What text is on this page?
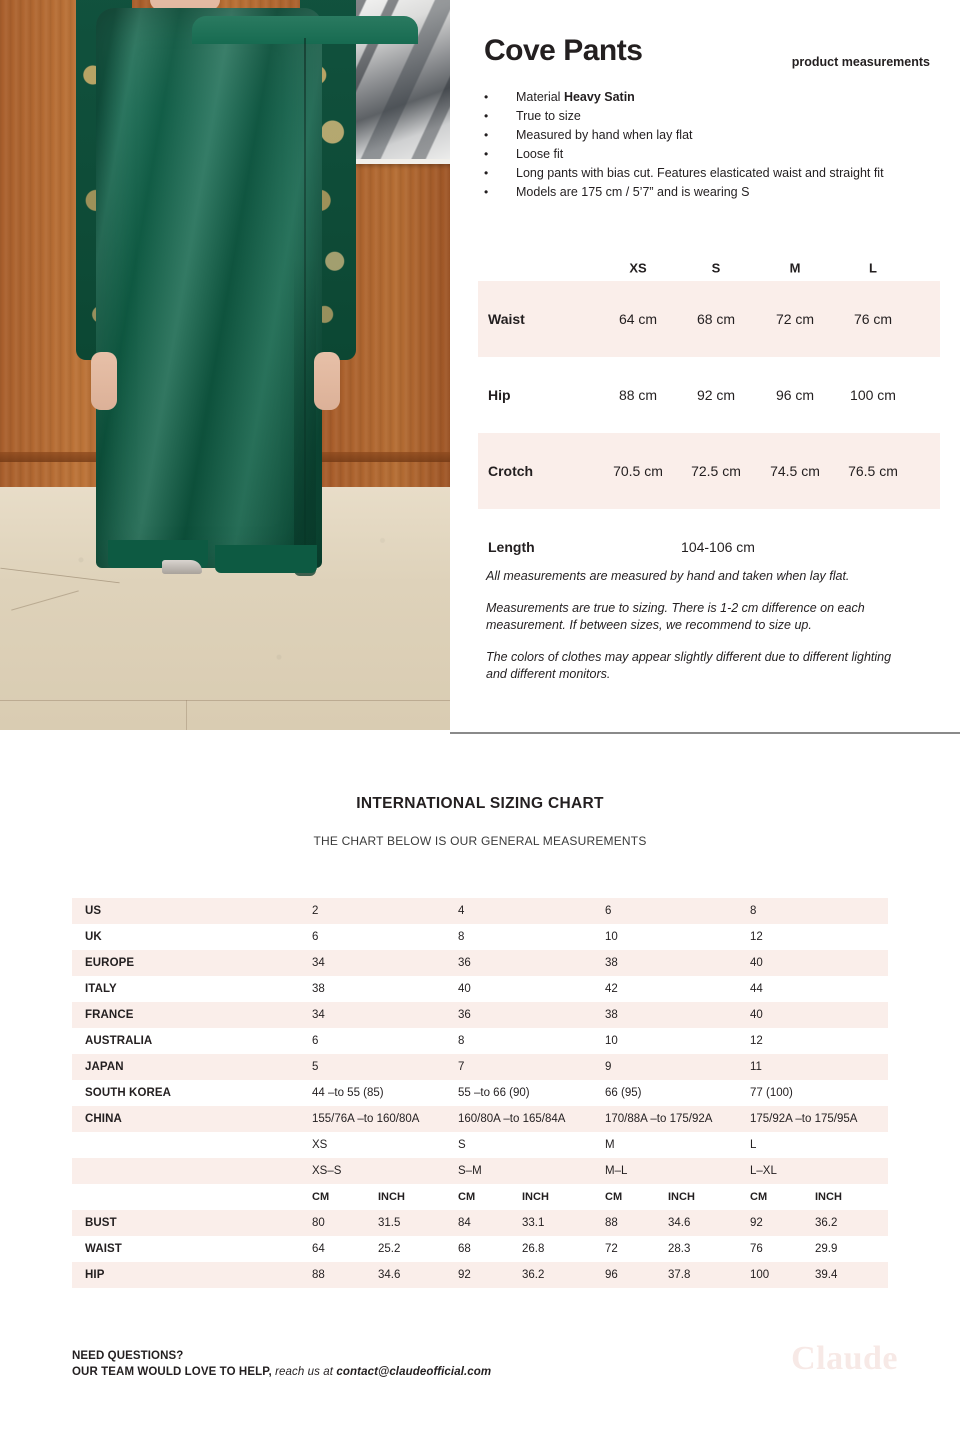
Cove Pants	product measurements
• Material Heavy Satin
• True to size
• Measured by hand when lay flat
• Loose fit
• Long pants with bias cut. Features elasticated waist and straight fit
• Models are 175 cm / 5’7” and is wearing S
XS	S	M	L
Waist	64 cm	68 cm	72 cm	76 cm
Hip	88 cm	92 cm	96 cm	100 cm
Crotch	70.5 cm	72.5 cm	74.5 cm	76.5 cm
Length	104-106 cm

All measurements are measured by hand and taken when lay flat.

Measurements are true to sizing. There is 1-2 cm difference on each measurement. If between sizes, we recommend to size up.

The colors of clothes may appear slightly different due to different lighting and different monitors.

INTERNATIONAL SIZING CHART
THE CHART BELOW IS OUR GENERAL MEASUREMENTS
US	2	4	6	8
UK	6	8	10	12
EUROPE	34	36	38	40
ITALY	38	40	42	44
FRANCE	34	36	38	40
AUSTRALIA	6	8	10	12
JAPAN	5	7	9	11
SOUTH KOREA	44 –to 55 (85)	55 –to 66 (90)	66 (95)	77 (100)
CHINA	155/76A –to 160/80A	160/80A –to 165/84A	170/88A –to 175/92A	175/92A –to 175/95A
XS	S	M	L
XS–S	S–M	M–L	L–XL
CM	INCH	CM	INCH	CM	INCH	CM	INCH
BUST	80	31.5	84	33.1	88	34.6	92	36.2
WAIST	64	25.2	68	26.8	72	28.3	76	29.9
HIP	88	34.6	92	36.2	96	37.8	100	39.4
NEED QUESTIONS?
OUR TEAM WOULD LOVE TO HELP, reach us at contact@claudeofficial.com	Claude
